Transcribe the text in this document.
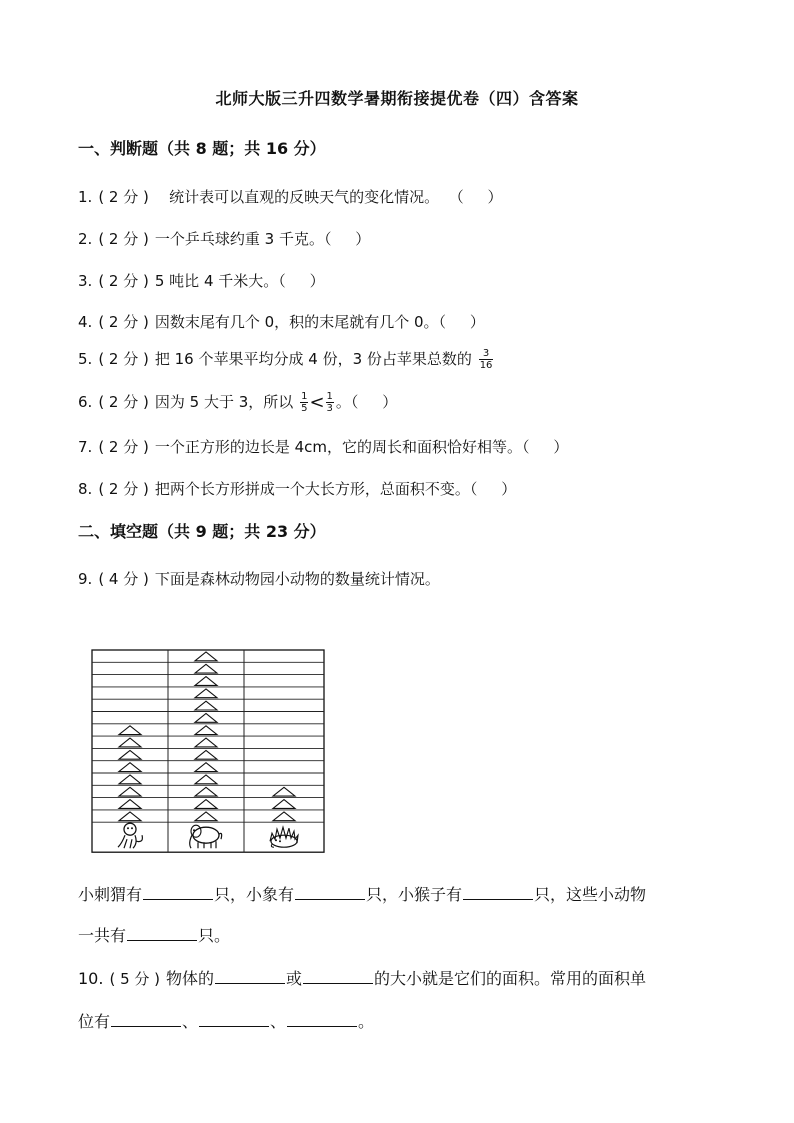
北师大版三升四数学暑期衔接提优卷（四）含答案
一、判断题（共 8 题；共 16 分）
1. ( 2 分 )   统计表可以直观的反映天气的变化情况。  （     ）
2. ( 2 分 ) 一个乒乓球约重 3 千克。（     ）
3. ( 2 分 ) 5 吨比 4 千米大。（     ）
4. ( 2 分 ) 因数末尾有几个 0，积的末尾就有几个 0。（     ）
5. ( 2 分 ) 把 16 个苹果平均分成 4 份，3 份占苹果总数的 $\frac{3}{16}$
6. ( 2 分 ) 因为 5 大于 3，所以 $\frac{1}{5} < \frac{1}{3}$ 。（     ）
7. ( 2 分 ) 一个正方形的边长是 4cm，它的周长和面积恰好相等。（     ）
8. ( 2 分 ) 把两个长方形拼成一个大长方形，总面积不变。（     ）
二、填空题（共 9 题；共 23 分）
9. ( 4 分 ) 下面是森林动物园小动物的数量统计情况。
小刺猬有	只，小象有	只，小猴子有	只，这些小动物
一共有	只。
10. ( 5 分 ) 物体的	或	的大小就是它们的面积。常用的面积单
位有	、	、	。
